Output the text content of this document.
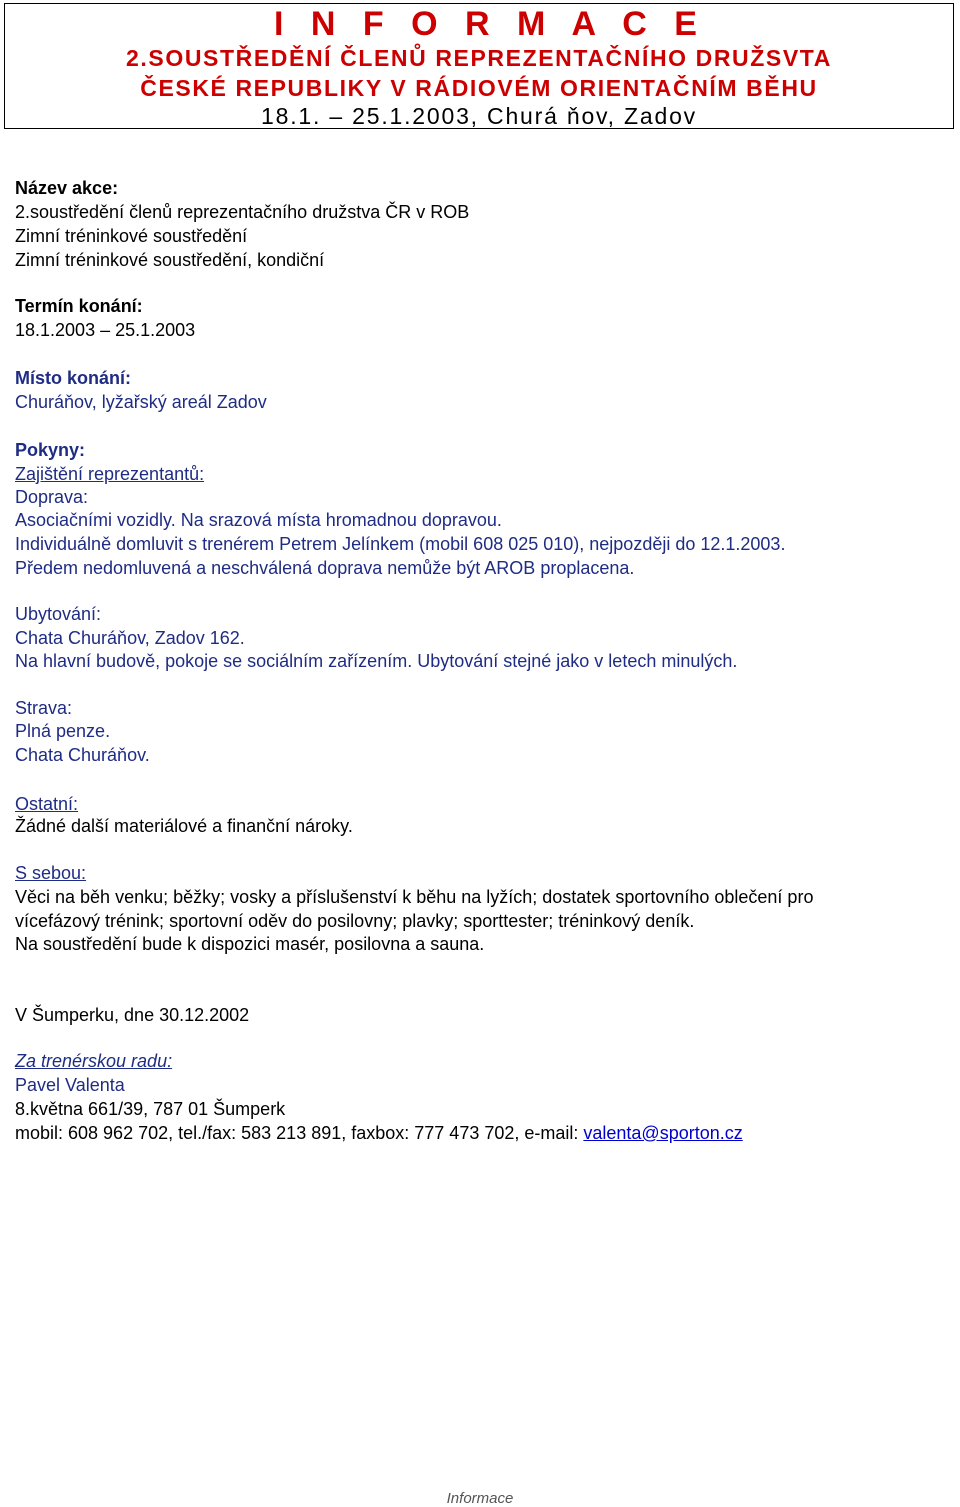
I N F O R M A C E
2.SOUSTŘEDĚNÍ ČLENŮ REPREZENTAČNÍHO DRUŽSVTA
ČESKÉ REPUBLIKY V RÁDIOVÉM ORIENTAČNÍM BĚHU
18.1. – 25.1.2003, Churá ňov, Zadov
Název akce:
2.soustředění členů reprezentačního družstva ČR v ROB
Zimní tréninkové soustředění
Zimní tréninkové soustředění, kondiční
Termín konání:
18.1.2003 – 25.1.2003
Místo konání:
Churáňov, lyžařský areál Zadov
Pokyny:
Zajištění reprezentantů:
Doprava:
Asociačními vozidly. Na srazová místa hromadnou dopravou.
Individuálně domluvit s trenérem Petrem Jelínkem (mobil 608 025 010), nejpozději do 12.1.2003.
Předem nedomluvená a neschválená doprava nemůže být AROB proplacena.
Ubytování:
Chata Churáňov, Zadov 162.
Na hlavní budově, pokoje se sociálním zařízením. Ubytování stejné jako v letech minulých.
Strava:
Plná penze.
Chata Churáňov.
Ostatní:
Žádné další materiálové a finanční nároky.
S sebou:
Věci na běh venku; běžky; vosky a příslušenství k běhu na lyžích; dostatek sportovního oblečení pro
vícefázový trénink; sportovní oděv do posilovny; plavky; sporttester; tréninkový deník.
Na soustředění bude k dispozici masér, posilovna a sauna.
V Šumperku, dne 30.12.2002
Za trenérskou radu:
Pavel Valenta
8.května 661/39, 787 01 Šumperk
mobil: 608 962 702, tel./fax: 583 213 891, faxbox: 777 473 702, e-mail: valenta@sporton.cz
Informace
